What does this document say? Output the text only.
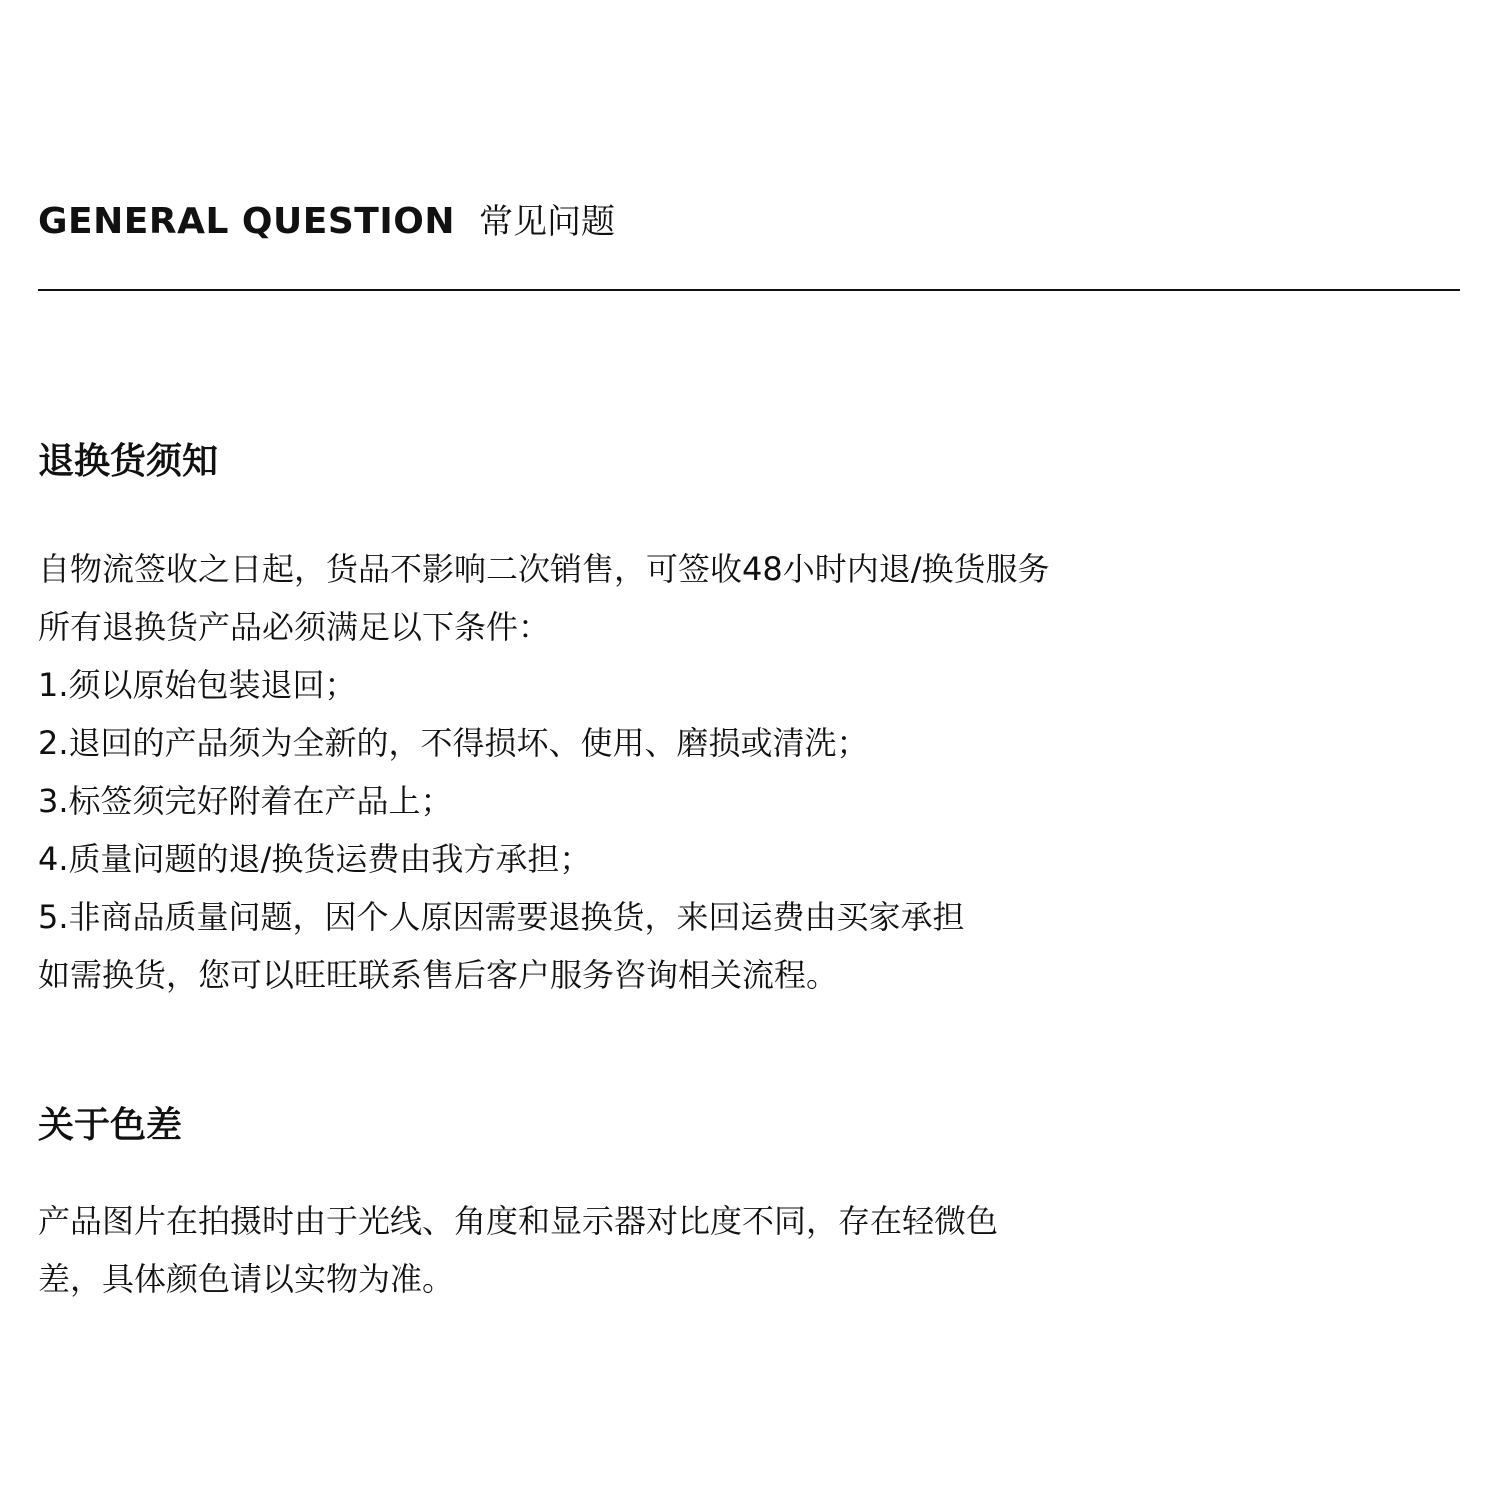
GENERAL QUESTION 常见问题
退换货须知
自物流签收之日起，货品不影响二次销售，可签收48小时内退/换货服务
所有退换货产品必须满足以下条件：
1.须以原始包装退回；
2.退回的产品须为全新的，不得损坏、使用、磨损或清洗；
3.标签须完好附着在产品上；
4.质量问题的退/换货运费由我方承担；
5.非商品质量问题，因个人原因需要退换货，来回运费由买家承担
如需换货，您可以旺旺联系售后客户服务咨询相关流程。
关于色差
产品图片在拍摄时由于光线、角度和显示器对比度不同，存在轻微色
差，具体颜色请以实物为准。
